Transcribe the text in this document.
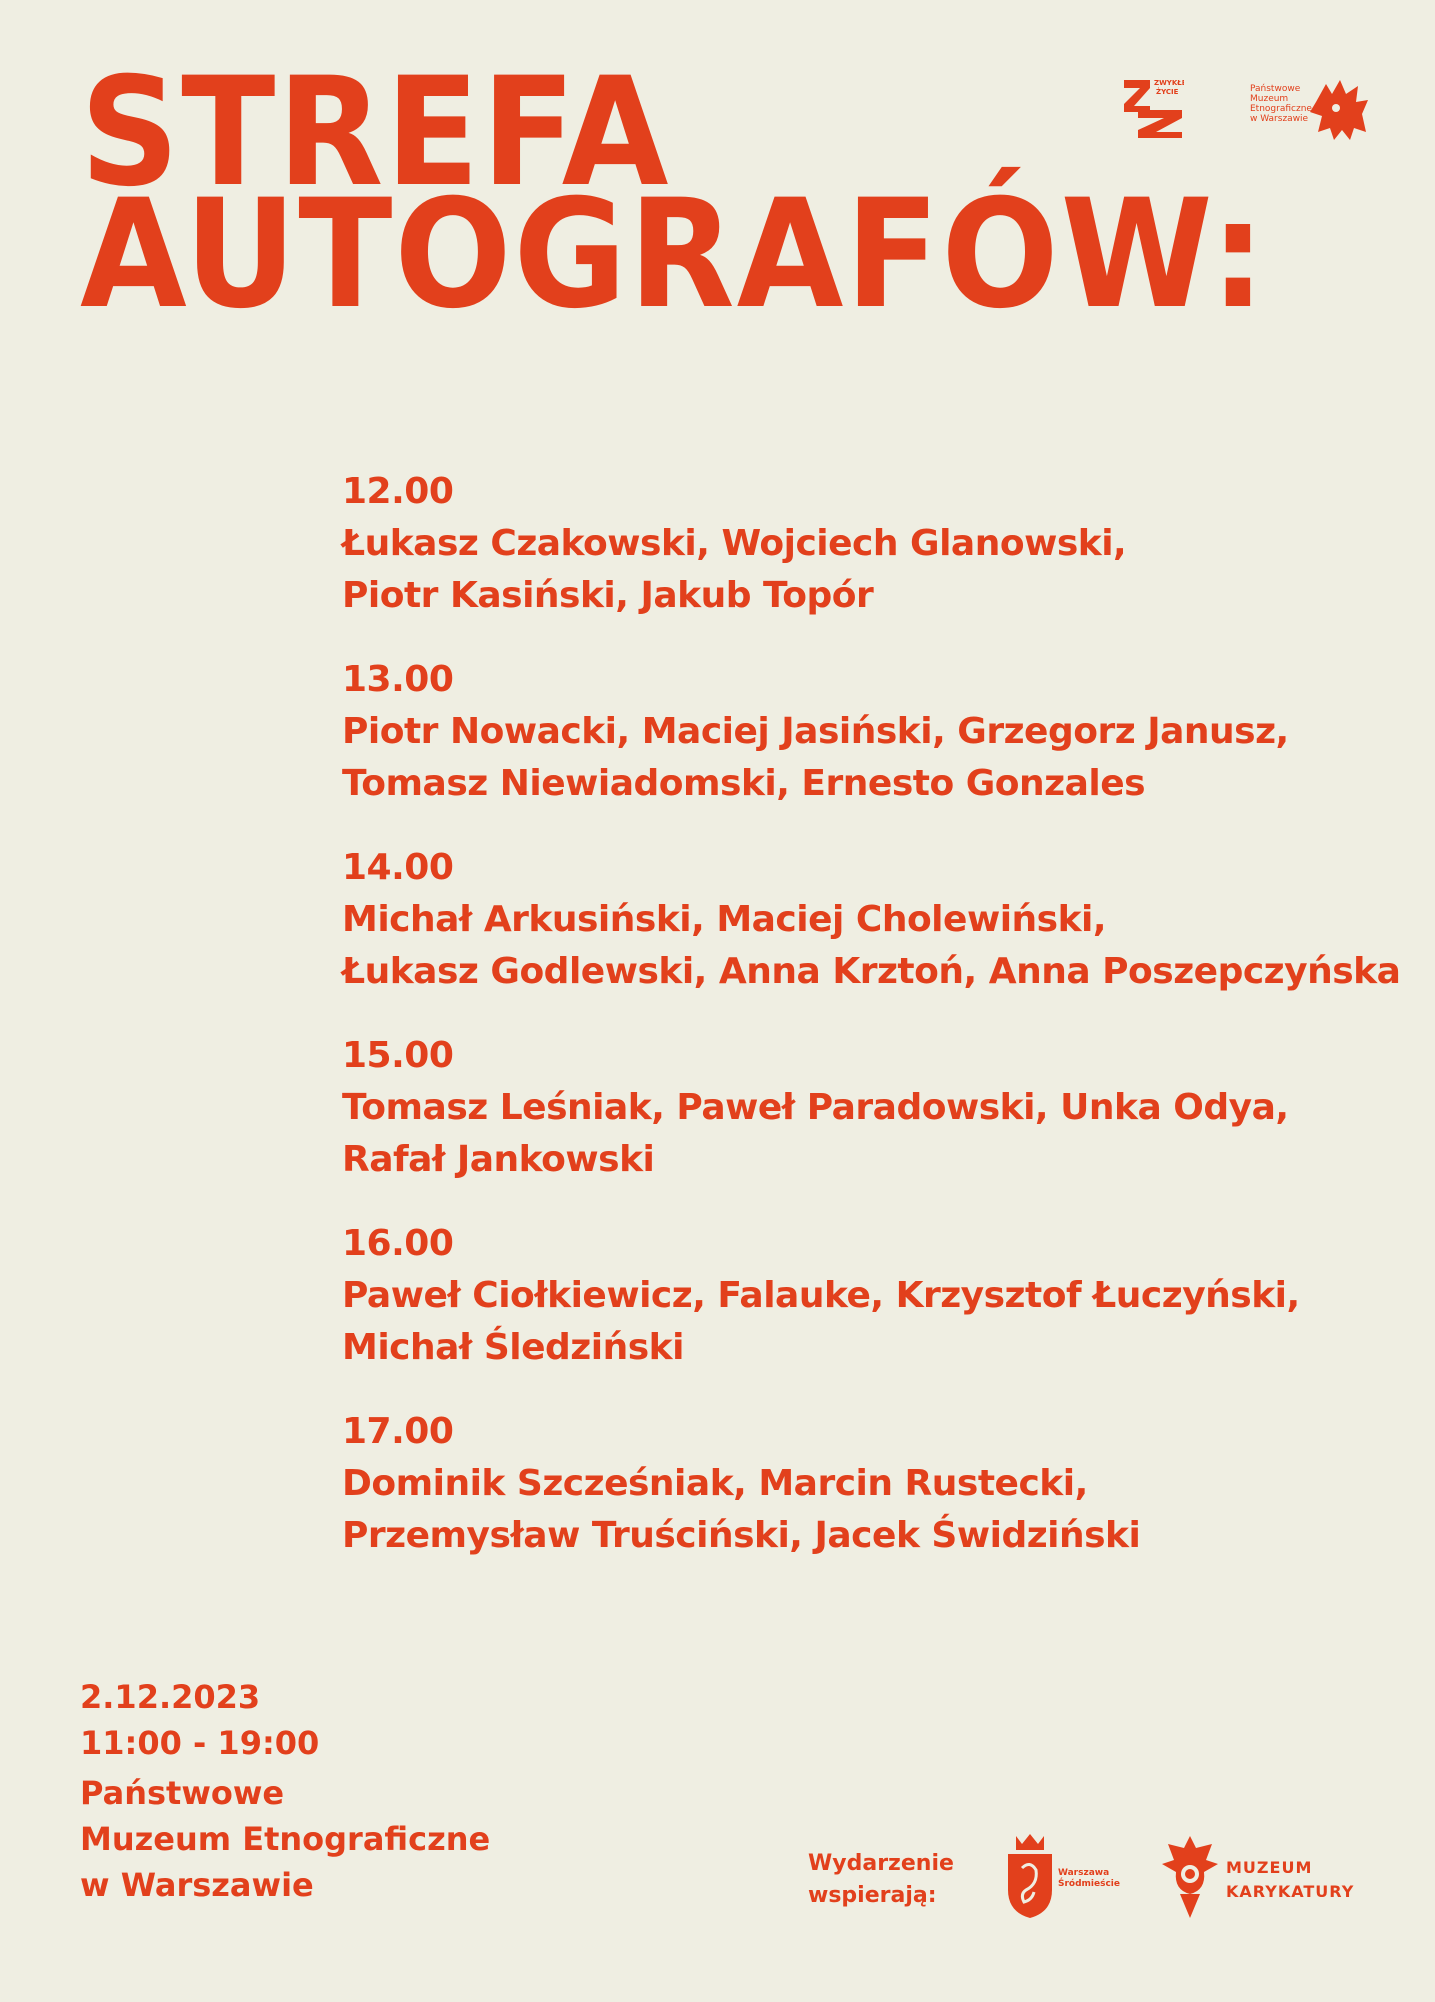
STREFA
AUTOGRAFÓW:
ZWYKŁE
ŻYCIE	Państwowe
Muzeum
Etnograficzne
w Warszawie
12.00
Łukasz Czakowski, Wojciech Glanowski,
Piotr Kasiński, Jakub Topór
13.00
Piotr Nowacki, Maciej Jasiński, Grzegorz Janusz,
Tomasz Niewiadomski, Ernesto Gonzales
14.00
Michał Arkusiński, Maciej Cholewiński,
Łukasz Godlewski, Anna Krztoń, Anna Poszepczyńska
15.00
Tomasz Leśniak, Paweł Paradowski, Unka Odya,
Rafał Jankowski
16.00
Paweł Ciołkiewicz, Falauke, Krzysztof Łuczyński,
Michał Śledziński
17.00
Dominik Szcześniak, Marcin Rustecki,
Przemysław Truściński, Jacek Świdziński
2.12.2023
11:00 - 19:00
Państwowe
Muzeum Etnograficzne
w Warszawie
Wydarzenie
wspierają:
Warszawa
Śródmieście
MUZEUM
KARYKATURY
